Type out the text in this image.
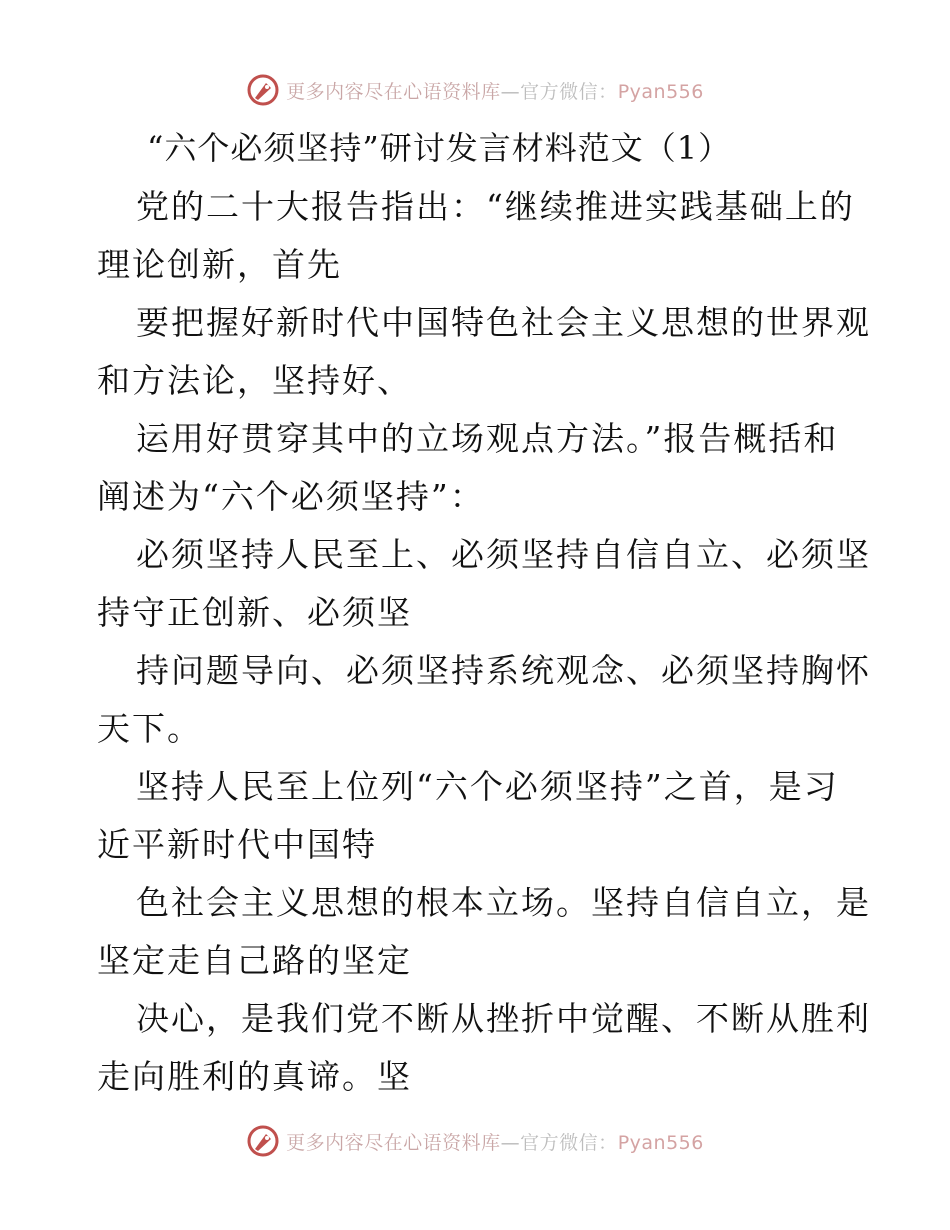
更多内容尽在心语资料库—官方微信：Pyan556
“六个必须坚持”研讨发言材料范文（1）
党的二十大报告指出：“继续推进实践基础上的
理论创新，首先
要把握好新时代中国特色社会主义思想的世界观
和方法论，坚持好、
运用好贯穿其中的立场观点方法。”报告概括和
阐述为“六个必须坚持”：
必须坚持人民至上、必须坚持自信自立、必须坚
持守正创新、必须坚
持问题导向、必须坚持系统观念、必须坚持胸怀
天下。
坚持人民至上位列“六个必须坚持”之首，是习
近平新时代中国特
色社会主义思想的根本立场。坚持自信自立，是
坚定走自己路的坚定
决心，是我们党不断从挫折中觉醒、不断从胜利
走向胜利的真谛。坚
更多内容尽在心语资料库—官方微信：Pyan556
